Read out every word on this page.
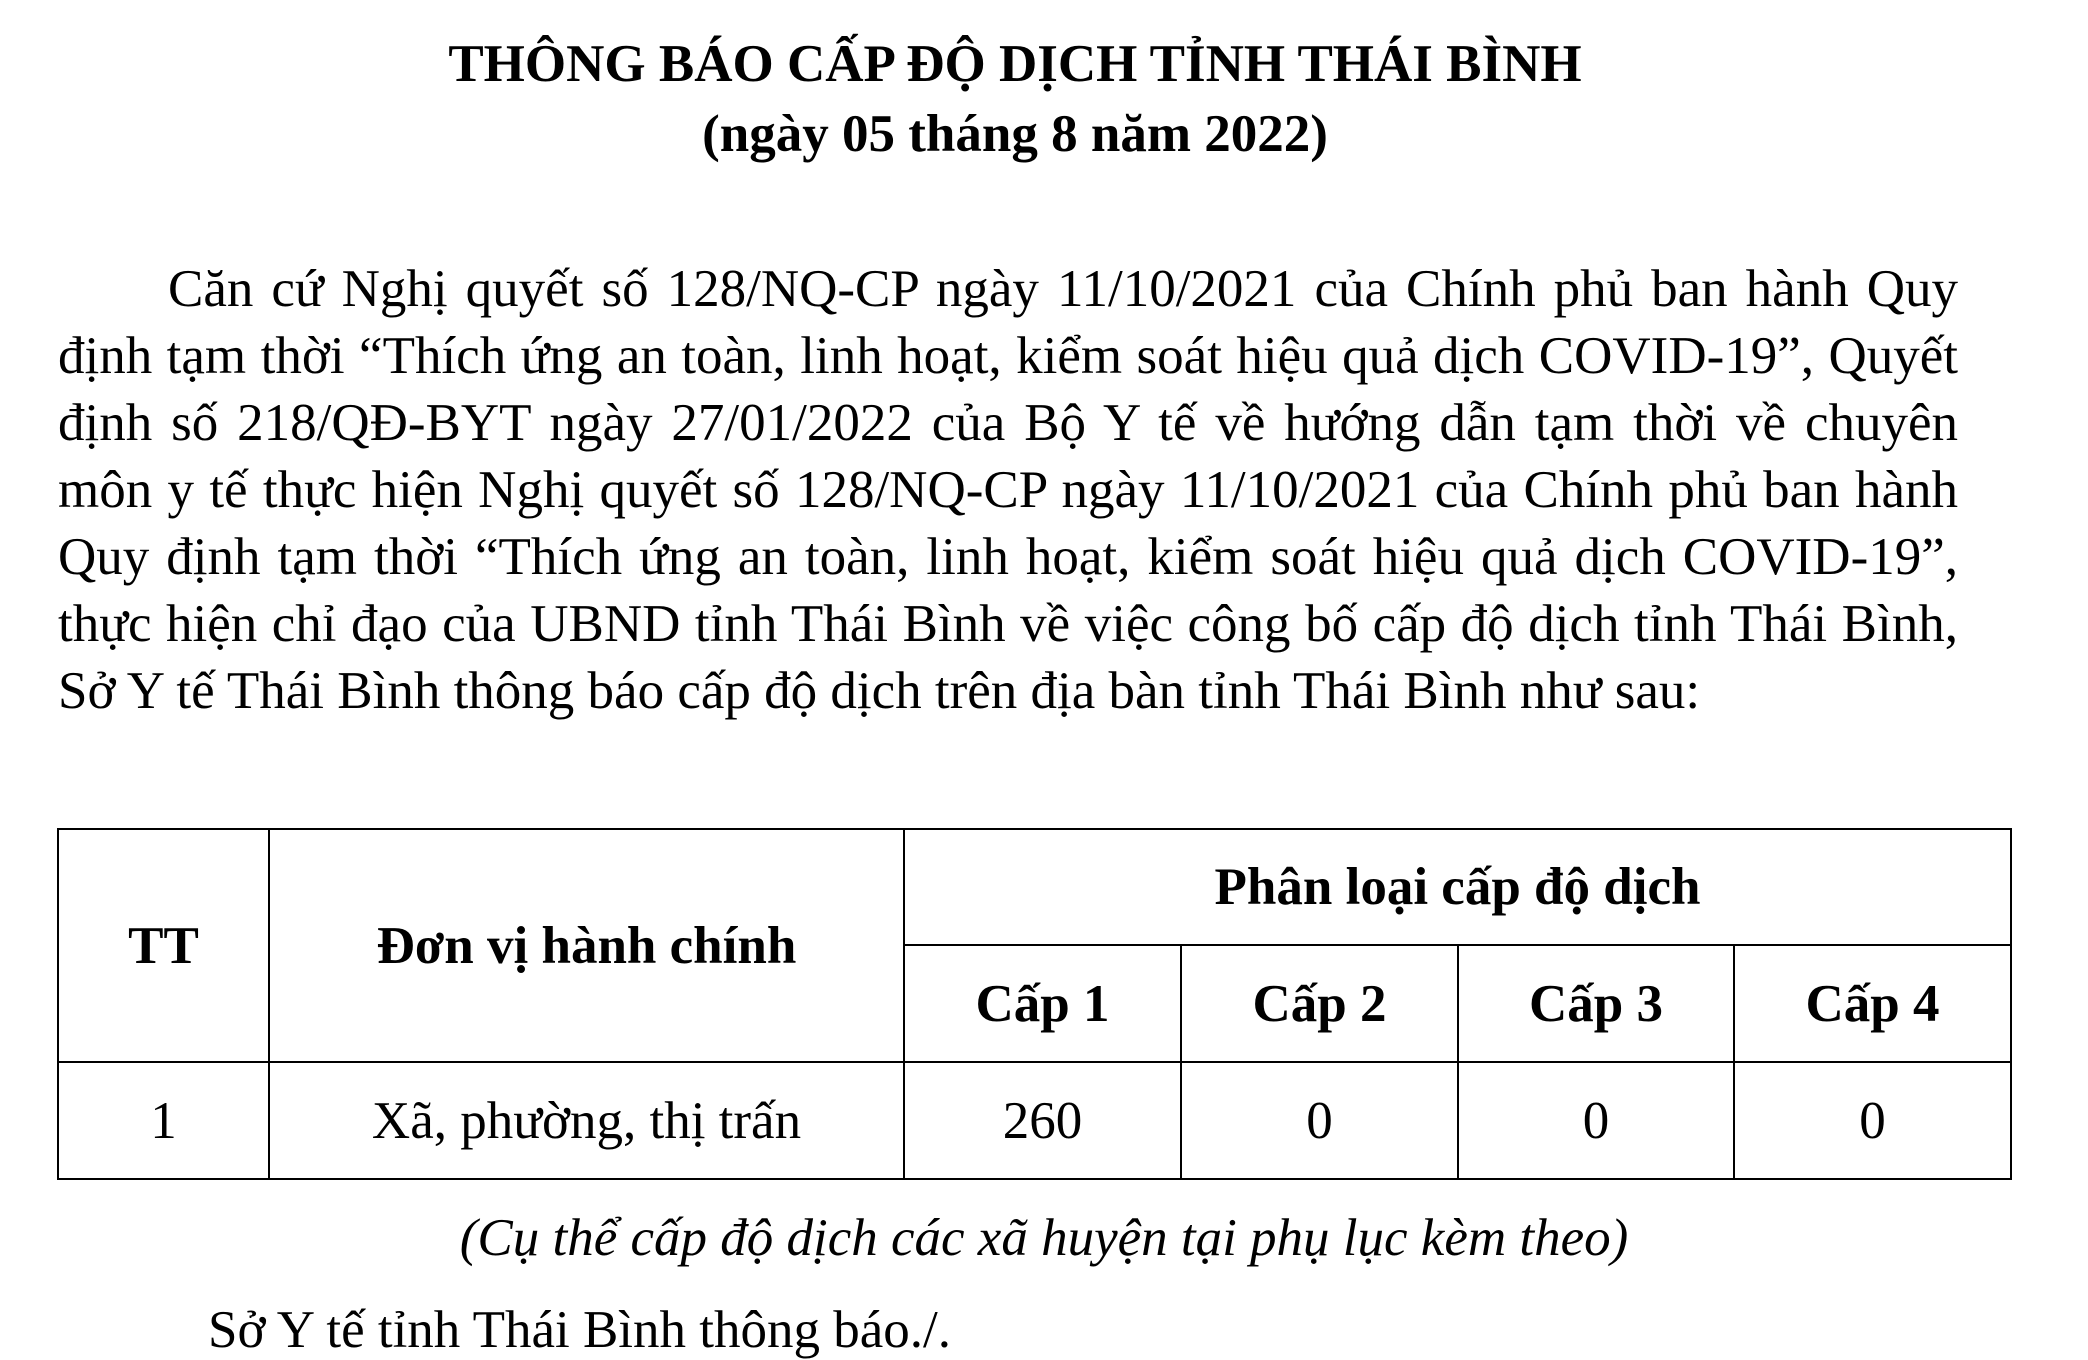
THÔNG BÁO CẤP ĐỘ DỊCH TỈNH THÁI BÌNH
(ngày 05 tháng 8 năm 2022)

Căn cứ Nghị quyết số 128/NQ-CP ngày 11/10/2021 của Chính phủ ban hành Quy định tạm thời “Thích ứng an toàn, linh hoạt, kiểm soát hiệu quả dịch COVID-19”, Quyết định số 218/QĐ-BYT ngày 27/01/2022 của Bộ Y tế về hướng dẫn tạm thời về chuyên môn y tế thực hiện Nghị quyết số 128/NQ-CP ngày 11/10/2021 của Chính phủ ban hành Quy định tạm thời “Thích ứng an toàn, linh hoạt, kiểm soát hiệu quả dịch COVID-19”, thực hiện chỉ đạo của UBND tỉnh Thái Bình về việc công bố cấp độ dịch tỉnh Thái Bình, Sở Y tế Thái Bình thông báo cấp độ dịch trên địa bàn tỉnh Thái Bình như sau:

TT	Đơn vị hành chính	Phân loại cấp độ dịch			
		Cấp 1	Cấp 2	Cấp 3	Cấp 4
1	Xã, phường, thị trấn	260	0	0	0

(Cụ thể cấp độ dịch các xã huyện tại phụ lục kèm theo)

Sở Y tế tỉnh Thái Bình thông báo./.
